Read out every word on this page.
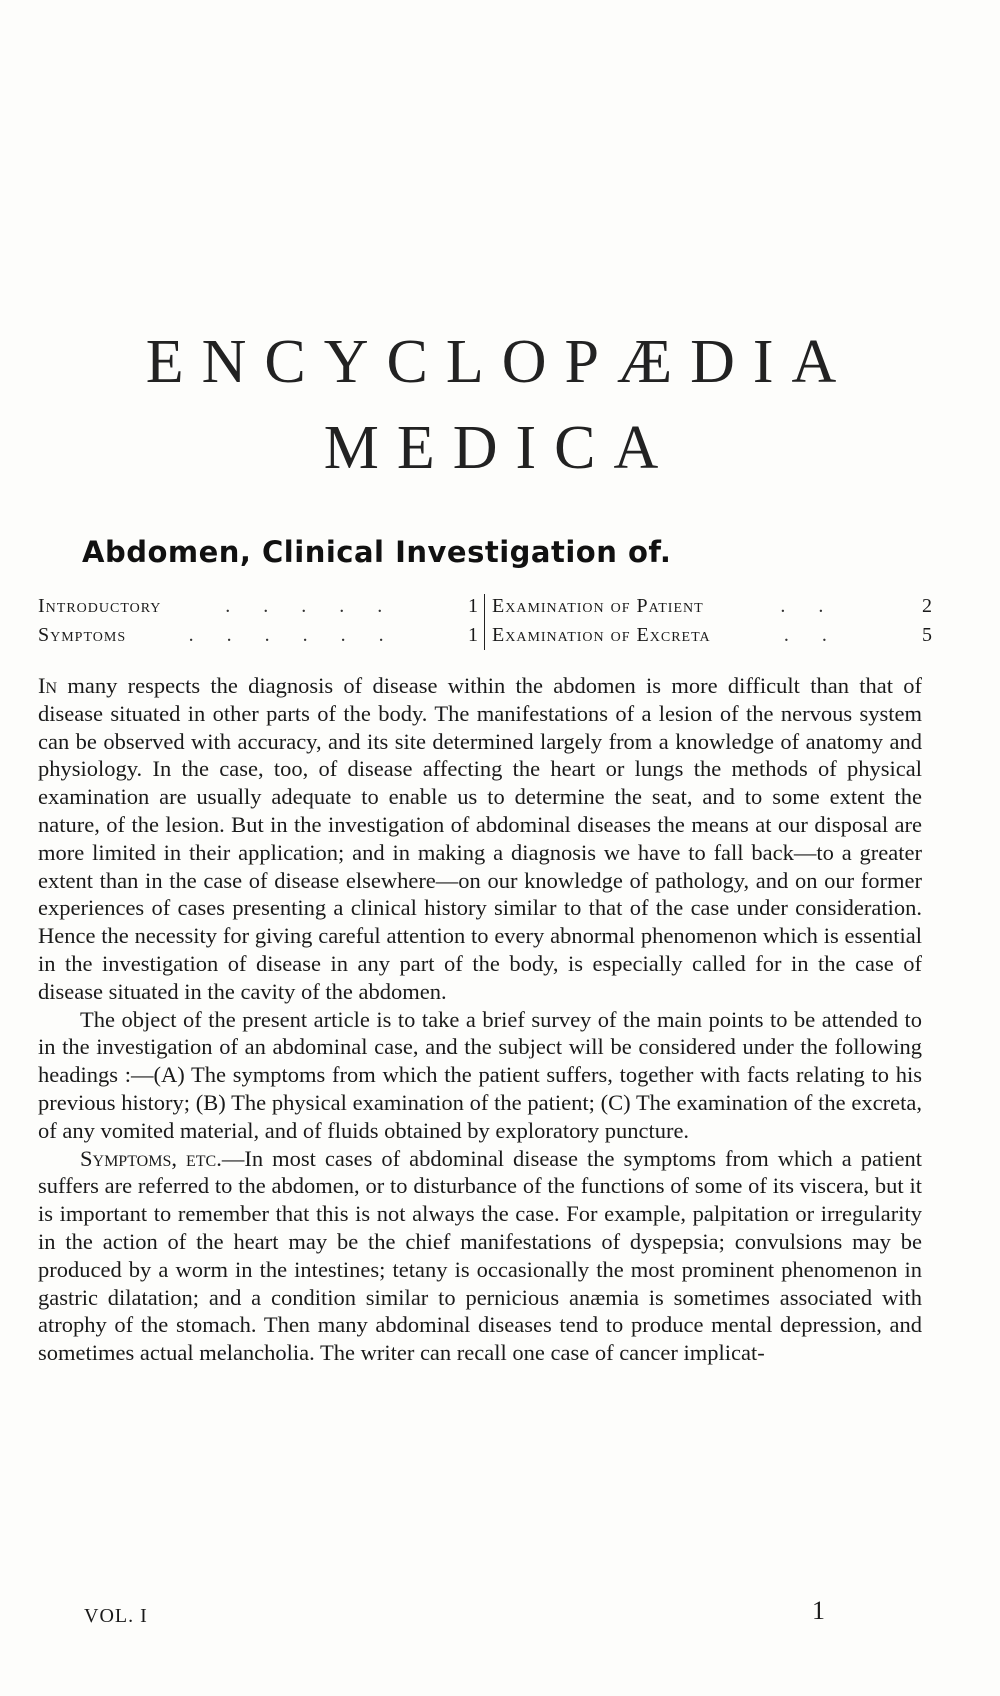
ENCYCLOPÆDIA
MEDICA
Abdomen, Clinical Investigation of.
Introductory	. . . . .	1
Symptoms	. . . . . .	1
Examination of Patient	. .	2
Examination of Excreta	. .	5

In many respects the diagnosis of disease within the abdomen is more difficult than that of disease situated in other parts of the body. The manifestations of a lesion of the nervous system can be observed with accuracy, and its site determined largely from a knowledge of anatomy and physiology. In the case, too, of disease affecting the heart or lungs the methods of physical examination are usually adequate to enable us to determine the seat, and to some extent the nature, of the lesion. But in the investigation of abdominal diseases the means at our disposal are more limited in their application; and in making a diagnosis we have to fall back—to a greater extent than in the case of disease elsewhere—on our knowledge of pathology, and on our former experiences of cases presenting a clinical history similar to that of the case under consideration. Hence the necessity for giving careful attention to every abnormal phenomenon which is essential in the investigation of disease in any part of the body, is especially called for in the case of disease situated in the cavity of the abdomen.

The object of the present article is to take a brief survey of the main points to be attended to in the investigation of an abdominal case, and the subject will be considered under the following headings :—(A) The symptoms from which the patient suffers, together with facts relating to his previous history; (B) The physical examination of the patient; (C) The examination of the excreta, of any vomited material, and of fluids obtained by exploratory puncture.

Symptoms, etc.—In most cases of abdominal disease the symptoms from which a patient suffers are referred to the abdomen, or to disturbance of the functions of some of its viscera, but it is important to remember that this is not always the case. For example, palpitation or irregularity in the action of the heart may be the chief manifestations of dyspepsia; convulsions may be produced by a worm in the intestines; tetany is occasionally the most prominent phenomenon in gastric dilatation; and a condition similar to pernicious anæmia is sometimes associated with atrophy of the stomach. Then many abdominal diseases tend to produce mental depression, and sometimes actual melancholia. The writer can recall one case of cancer implicat-

VOL. I	1
